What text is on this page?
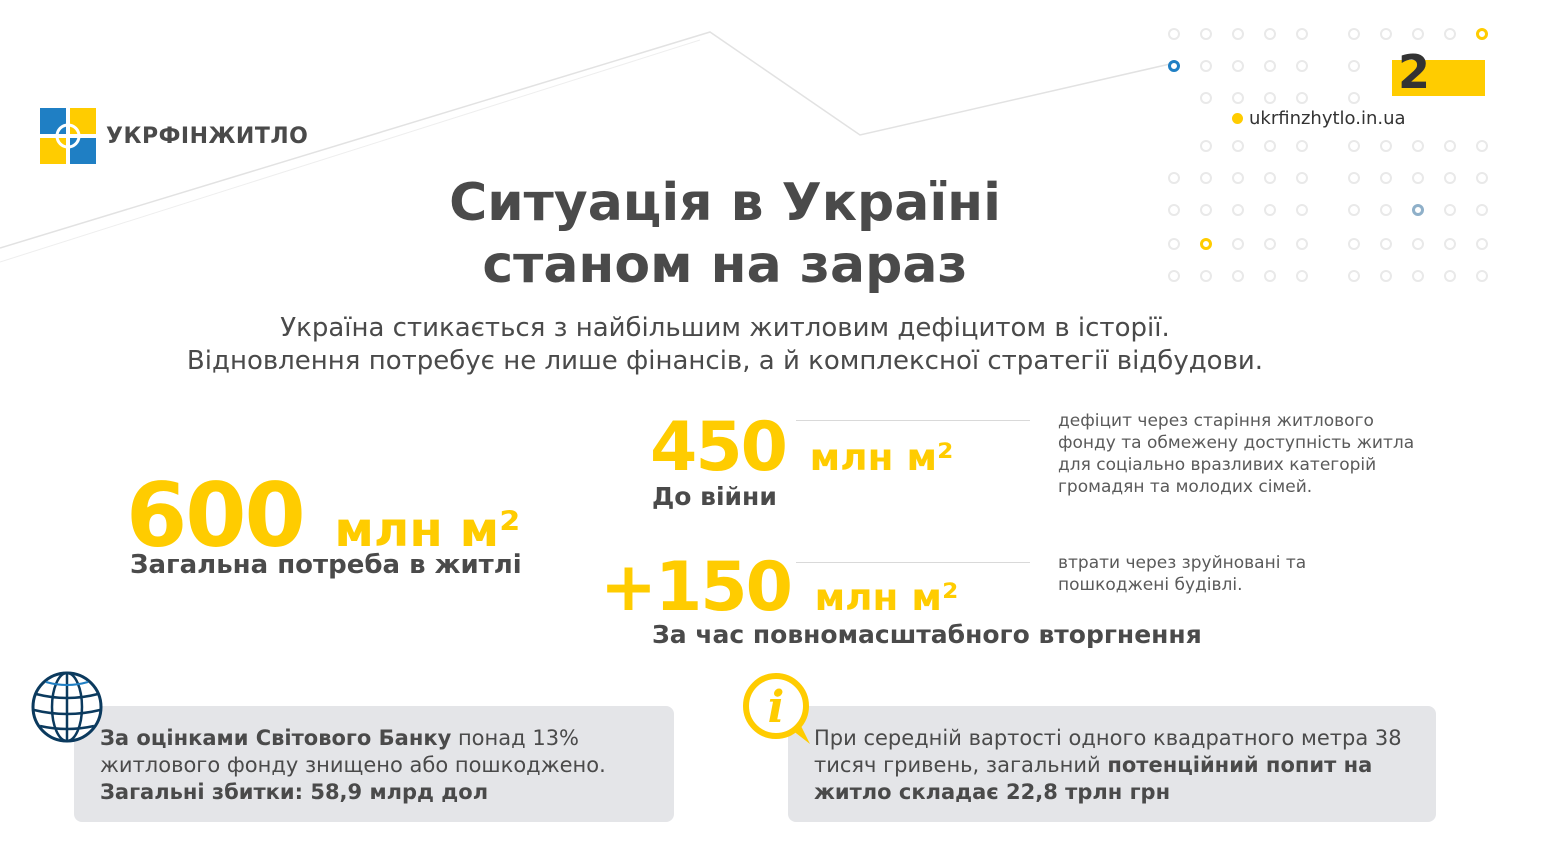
УКРФІНЖИТЛО
2
ukrfinzhytlo.in.ua
Ситуація в Україні
станом на зараз
Україна стикається з найбільшим житловим дефіцитом в історії.
Відновлення потребує не лише фінансів, а й комплексної стратегії відбудови.
600 млн м²
Загальна потреба в житлі
450 млн м²
До війни
дефіцит через старіння житлового фонду та обмежену доступність житла для соціально вразливих категорій громадян та молодих сімей.
+150 млн м²
За час повномасштабного вторгнення
втрати через зруйновані та пошкоджені будівлі.
За оцінками Світового Банку понад 13% житлового фонду знищено або пошкоджено.
Загальні збитки: 58,9 млрд дол
i
При середній вартості одного квадратного метра 38 тисяч гривень, загальний потенційний попит на житло складає 22,8 трлн грн
